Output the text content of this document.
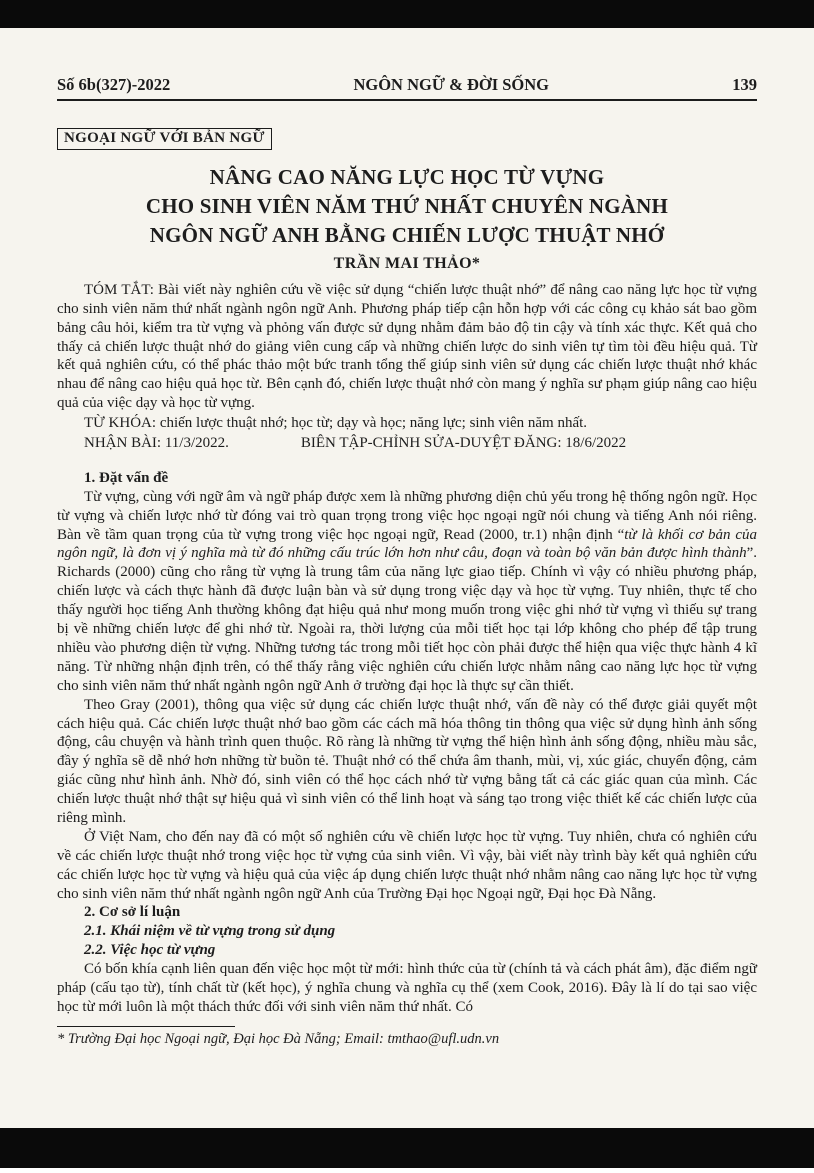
Số 6b(327)-2022	NGÔN NGỮ & ĐỜI SỐNG	139
NGOẠI NGỮ VỚI BẢN NGỮ
NÂNG CAO NĂNG LỰC HỌC TỪ VỰNG
CHO SINH VIÊN NĂM THỨ NHẤT CHUYÊN NGÀNH
NGÔN NGỮ ANH BẰNG CHIẾN LƯỢC THUẬT NHỚ
TRẦN MAI THẢO*

TÓM TẮT: Bài viết này nghiên cứu về việc sử dụng “chiến lược thuật nhớ” để nâng cao năng lực học từ vựng cho sinh viên năm thứ nhất ngành ngôn ngữ Anh. Phương pháp tiếp cận hỗn hợp với các công cụ khảo sát bao gồm bảng câu hỏi, kiểm tra từ vựng và phỏng vấn được sử dụng nhằm đảm bảo độ tin cậy và tính xác thực. Kết quả cho thấy cả chiến lược thuật nhớ do giảng viên cung cấp và những chiến lược do sinh viên tự tìm tòi đều hiệu quả. Từ kết quả nghiên cứu, có thể phác thảo một bức tranh tổng thể giúp sinh viên sử dụng các chiến lược thuật nhớ khác nhau để nâng cao hiệu quả học từ. Bên cạnh đó, chiến lược thuật nhớ còn mang ý nghĩa sư phạm giúp nâng cao hiệu quả của việc dạy và học từ vựng.

TỪ KHÓA: chiến lược thuật nhớ; học từ; dạy và học; năng lực; sinh viên năm nhất.

NHẬN BÀI: 11/3/2022.	BIÊN TẬP-CHỈNH SỬA-DUYỆT ĐĂNG: 18/6/2022

1. Đặt vấn đề

Từ vựng, cùng với ngữ âm và ngữ pháp được xem là những phương diện chủ yếu trong hệ thống ngôn ngữ. Học từ vựng và chiến lược nhớ từ đóng vai trò quan trọng trong việc học ngoại ngữ nói chung và tiếng Anh nói riêng. Bàn về tầm quan trọng của từ vựng trong việc học ngoại ngữ, Read (2000, tr.1) nhận định “từ là khối cơ bản của ngôn ngữ, là đơn vị ý nghĩa mà từ đó những cấu trúc lớn hơn như câu, đoạn và toàn bộ văn bản được hình thành”. Richards (2000) cũng cho rằng từ vựng là trung tâm của năng lực giao tiếp. Chính vì vậy có nhiều phương pháp, chiến lược và cách thực hành đã được luận bàn và sử dụng trong việc dạy và học từ vựng. Tuy nhiên, thực tế cho thấy người học tiếng Anh thường không đạt hiệu quả như mong muốn trong việc ghi nhớ từ vựng vì thiếu sự trang bị về những chiến lược để ghi nhớ từ. Ngoài ra, thời lượng của mỗi tiết học tại lớp không cho phép để tập trung nhiều vào phương diện từ vựng. Những tương tác trong mỗi tiết học còn phải được thể hiện qua việc thực hành 4 kĩ năng. Từ những nhận định trên, có thể thấy rằng việc nghiên cứu chiến lược nhằm nâng cao năng lực học từ vựng cho sinh viên năm thứ nhất ngành ngôn ngữ Anh ở trường đại học là thực sự cần thiết.

Theo Gray (2001), thông qua việc sử dụng các chiến lược thuật nhớ, vấn đề này có thể được giải quyết một cách hiệu quả. Các chiến lược thuật nhớ bao gồm các cách mã hóa thông tin thông qua việc sử dụng hình ảnh sống động, câu chuyện và hành trình quen thuộc. Rõ ràng là những từ vựng thể hiện hình ảnh sống động, nhiều màu sắc, đầy ý nghĩa sẽ dễ nhớ hơn những từ buồn tẻ. Thuật nhớ có thể chứa âm thanh, mùi, vị, xúc giác, chuyển động, cảm giác cũng như hình ảnh. Nhờ đó, sinh viên có thể học cách nhớ từ vựng bằng tất cả các giác quan của mình. Các chiến lược thuật nhớ thật sự hiệu quả vì sinh viên có thể linh hoạt và sáng tạo trong việc thiết kế các chiến lược của riêng mình.

Ở Việt Nam, cho đến nay đã có một số nghiên cứu về chiến lược học từ vựng. Tuy nhiên, chưa có nghiên cứu về các chiến lược thuật nhớ trong việc học từ vựng của sinh viên. Vì vậy, bài viết này trình bày kết quả nghiên cứu các chiến lược học từ vựng và hiệu quả của việc áp dụng chiến lược thuật nhớ nhằm nâng cao năng lực học từ vựng cho sinh viên năm thứ nhất ngành ngôn ngữ Anh của Trường Đại học Ngoại ngữ, Đại học Đà Nẵng.

2. Cơ sở lí luận
2.1. Khái niệm về từ vựng trong sử dụng
2.2. Việc học từ vựng

Có bốn khía cạnh liên quan đến việc học một từ mới: hình thức của từ (chính tả và cách phát âm), đặc điểm ngữ pháp (cấu tạo từ), tính chất từ (kết học), ý nghĩa chung và nghĩa cụ thể (xem Cook, 2016). Đây là lí do tại sao việc học từ mới luôn là một thách thức đối với sinh viên năm thứ nhất. Có

* Trường Đại học Ngoại ngữ, Đại học Đà Nẵng; Email: tmthao@ufl.udn.vn
